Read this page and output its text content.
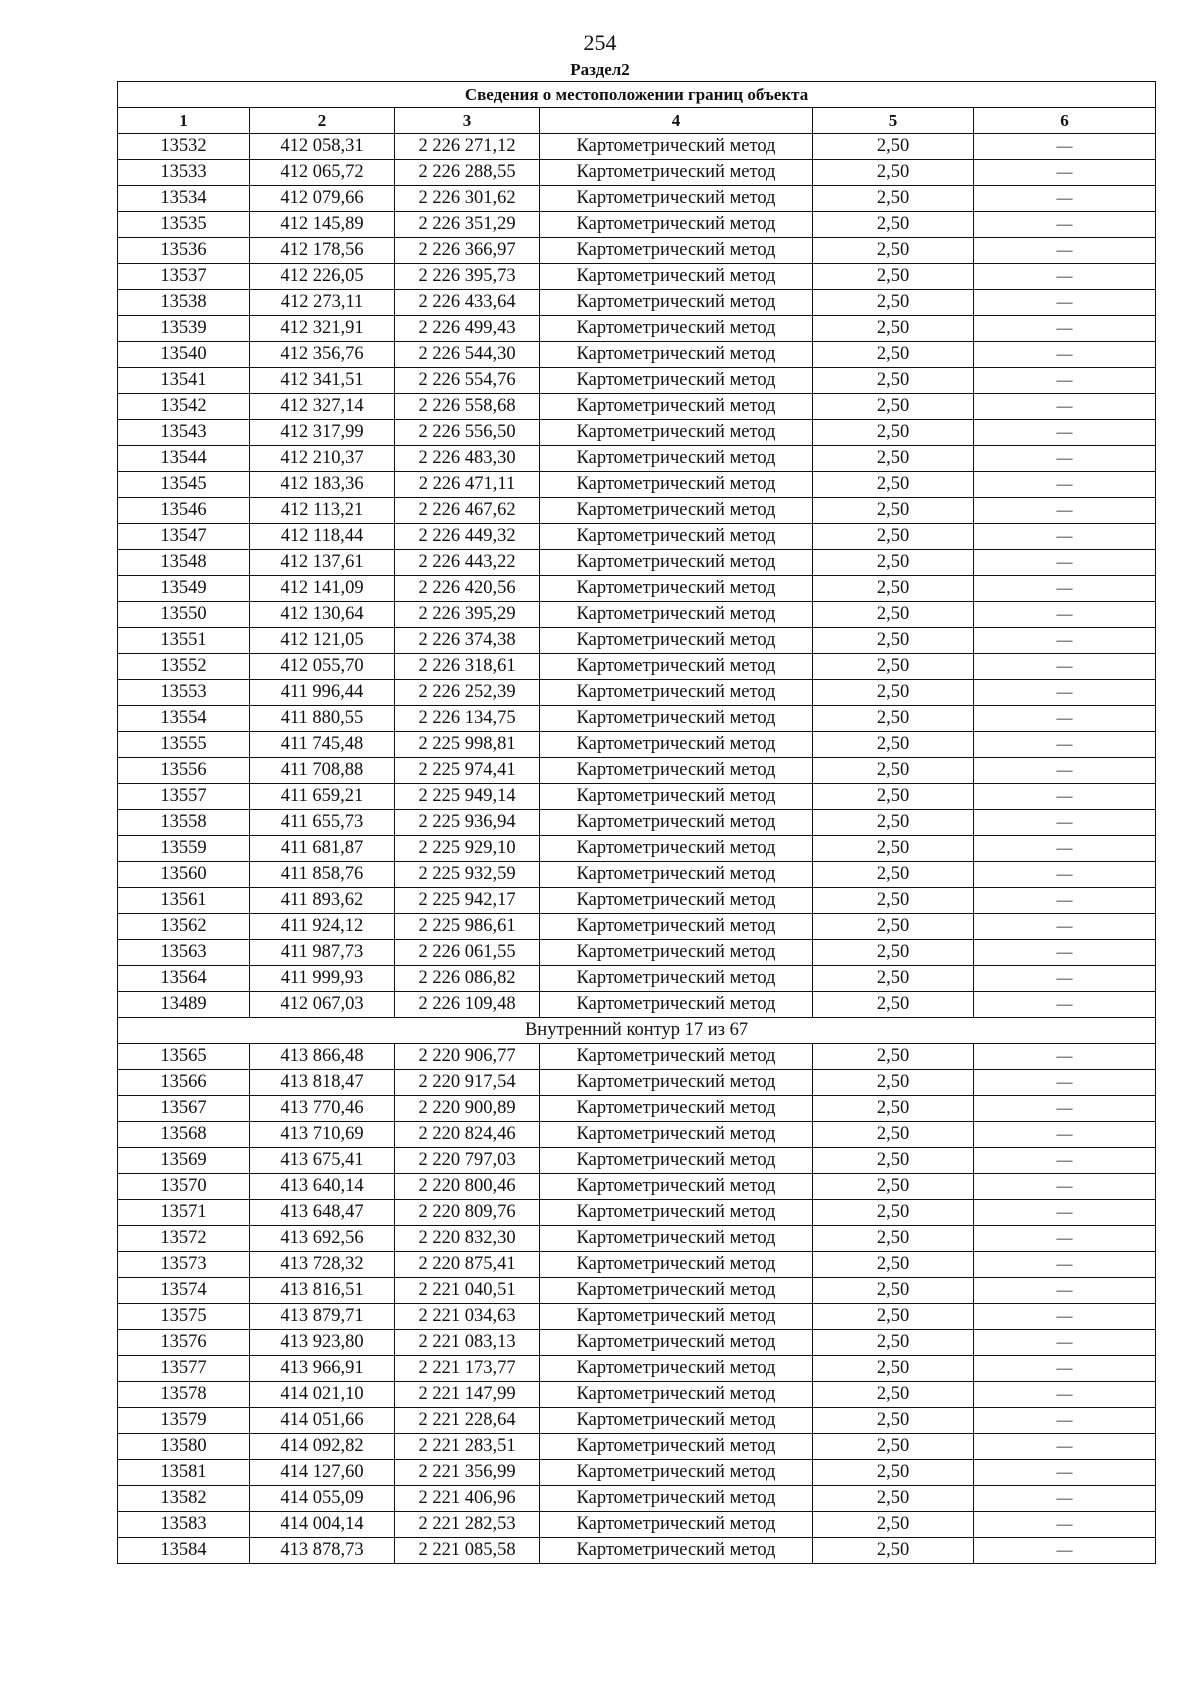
254
Раздел2
Сведения о местоположении границ объекта					
1	2	3	4	5	6
13532	412 058,31	2 226 271,12	Картометрический метод	2,50	—
13533	412 065,72	2 226 288,55	Картометрический метод	2,50	—
13534	412 079,66	2 226 301,62	Картометрический метод	2,50	—
13535	412 145,89	2 226 351,29	Картометрический метод	2,50	—
13536	412 178,56	2 226 366,97	Картометрический метод	2,50	—
13537	412 226,05	2 226 395,73	Картометрический метод	2,50	—
13538	412 273,11	2 226 433,64	Картометрический метод	2,50	—
13539	412 321,91	2 226 499,43	Картометрический метод	2,50	—
13540	412 356,76	2 226 544,30	Картометрический метод	2,50	—
13541	412 341,51	2 226 554,76	Картометрический метод	2,50	—
13542	412 327,14	2 226 558,68	Картометрический метод	2,50	—
13543	412 317,99	2 226 556,50	Картометрический метод	2,50	—
13544	412 210,37	2 226 483,30	Картометрический метод	2,50	—
13545	412 183,36	2 226 471,11	Картометрический метод	2,50	—
13546	412 113,21	2 226 467,62	Картометрический метод	2,50	—
13547	412 118,44	2 226 449,32	Картометрический метод	2,50	—
13548	412 137,61	2 226 443,22	Картометрический метод	2,50	—
13549	412 141,09	2 226 420,56	Картометрический метод	2,50	—
13550	412 130,64	2 226 395,29	Картометрический метод	2,50	—
13551	412 121,05	2 226 374,38	Картометрический метод	2,50	—
13552	412 055,70	2 226 318,61	Картометрический метод	2,50	—
13553	411 996,44	2 226 252,39	Картометрический метод	2,50	—
13554	411 880,55	2 226 134,75	Картометрический метод	2,50	—
13555	411 745,48	2 225 998,81	Картометрический метод	2,50	—
13556	411 708,88	2 225 974,41	Картометрический метод	2,50	—
13557	411 659,21	2 225 949,14	Картометрический метод	2,50	—
13558	411 655,73	2 225 936,94	Картометрический метод	2,50	—
13559	411 681,87	2 225 929,10	Картометрический метод	2,50	—
13560	411 858,76	2 225 932,59	Картометрический метод	2,50	—
13561	411 893,62	2 225 942,17	Картометрический метод	2,50	—
13562	411 924,12	2 225 986,61	Картометрический метод	2,50	—
13563	411 987,73	2 226 061,55	Картометрический метод	2,50	—
13564	411 999,93	2 226 086,82	Картометрический метод	2,50	—
13489	412 067,03	2 226 109,48	Картометрический метод	2,50	—
Внутренний контур 17 из 67					
13565	413 866,48	2 220 906,77	Картометрический метод	2,50	—
13566	413 818,47	2 220 917,54	Картометрический метод	2,50	—
13567	413 770,46	2 220 900,89	Картометрический метод	2,50	—
13568	413 710,69	2 220 824,46	Картометрический метод	2,50	—
13569	413 675,41	2 220 797,03	Картометрический метод	2,50	—
13570	413 640,14	2 220 800,46	Картометрический метод	2,50	—
13571	413 648,47	2 220 809,76	Картометрический метод	2,50	—
13572	413 692,56	2 220 832,30	Картометрический метод	2,50	—
13573	413 728,32	2 220 875,41	Картометрический метод	2,50	—
13574	413 816,51	2 221 040,51	Картометрический метод	2,50	—
13575	413 879,71	2 221 034,63	Картометрический метод	2,50	—
13576	413 923,80	2 221 083,13	Картометрический метод	2,50	—
13577	413 966,91	2 221 173,77	Картометрический метод	2,50	—
13578	414 021,10	2 221 147,99	Картометрический метод	2,50	—
13579	414 051,66	2 221 228,64	Картометрический метод	2,50	—
13580	414 092,82	2 221 283,51	Картометрический метод	2,50	—
13581	414 127,60	2 221 356,99	Картометрический метод	2,50	—
13582	414 055,09	2 221 406,96	Картометрический метод	2,50	—
13583	414 004,14	2 221 282,53	Картометрический метод	2,50	—
13584	413 878,73	2 221 085,58	Картометрический метод	2,50	—
